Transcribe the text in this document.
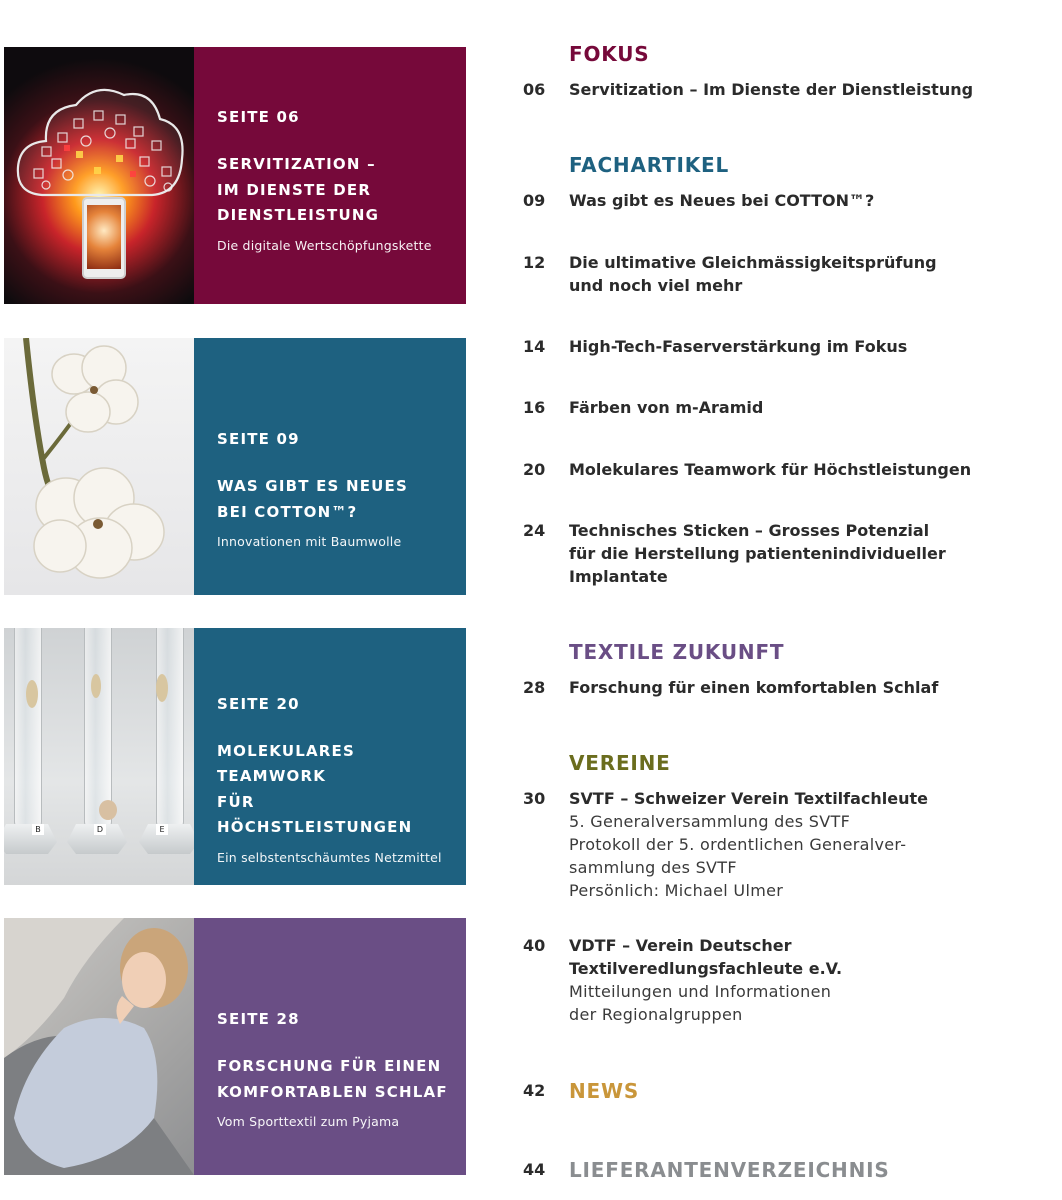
SEITE 06
SERVITIZATION –
IM DIENSTE DER
DIENSTLEISTUNG
Die digitale Wertschöpfungskette
SEITE 09
WAS GIBT ES NEUES
BEI COTTON™?
Innovationen mit Baumwolle
B	D	E
SEITE 20
MOLEKULARES TEAMWORK
FÜR HÖCHSTLEISTUNGEN
Ein selbstentschäumtes Netzmittel
SEITE 28
FORSCHUNG FÜR EINEN
KOMFORTABLEN SCHLAF
Vom Sporttextil zum Pyjama
FOKUS
06	Servitization – Im Dienste der Dienstleistung
FACHARTIKEL
09	Was gibt es Neues bei COTTON™?
12	Die ultimative Gleichmässigkeitsprüfung
und noch viel mehr
14	High-Tech-Faserverstärkung im Fokus
16	Färben von m-Aramid
20	Molekulares Teamwork für Höchstleistungen
24	Technisches Sticken – Grosses Potenzial
für die Herstellung patientenindividueller
Implantate
TEXTILE ZUKUNFT
28	Forschung für einen komfortablen Schlaf
VEREINE
30	SVTF – Schweizer Verein Textilfachleute
5. Generalversammlung des SVTF
Protokoll der 5. ordentlichen Generalver-
sammlung des SVTF
Persönlich: Michael Ulmer
40	VDTF – Verein Deutscher
Textilveredlungsfachleute e.V.
Mitteilungen und Informationen
der Regionalgruppen
42	NEWS
44	LIEFERANTENVERZEICHNIS
